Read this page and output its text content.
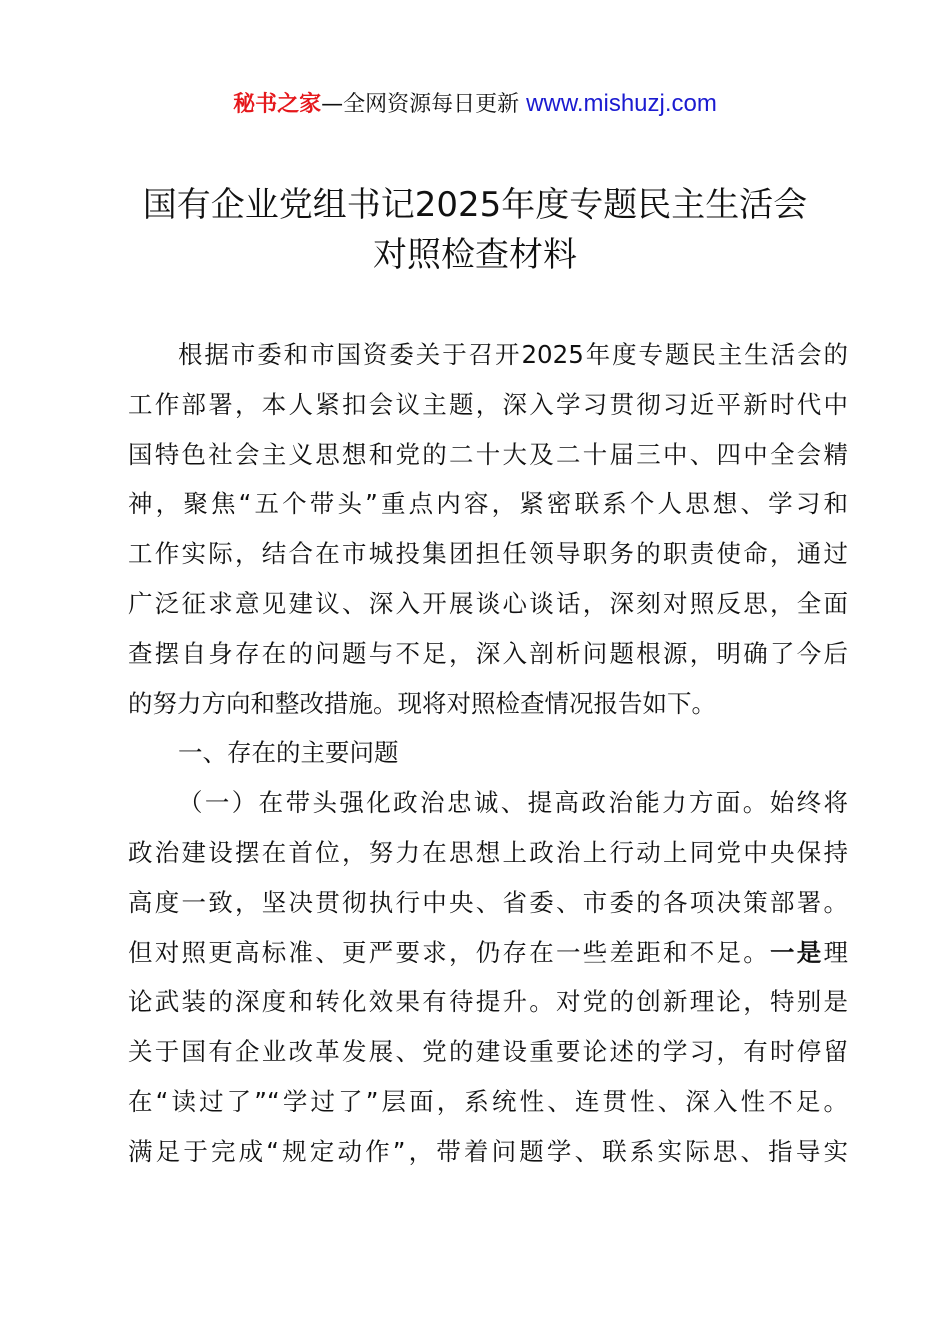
秘书之家—全网资源每日更新 www.mishuzj.com
国有企业党组书记2025年度专题民主生活会
对照检查材料
根据市委和市国资委关于召开2025年度专题民主生活会的
工作部署，本人紧扣会议主题，深入学习贯彻习近平新时代中
国特色社会主义思想和党的二十大及二十届三中、四中全会精
神，聚焦“五个带头”重点内容，紧密联系个人思想、学习和
工作实际，结合在市城投集团担任领导职务的职责使命，通过
广泛征求意见建议、深入开展谈心谈话，深刻对照反思，全面
查摆自身存在的问题与不足，深入剖析问题根源，明确了今后
的努力方向和整改措施。现将对照检查情况报告如下。
一、存在的主要问题
（一）在带头强化政治忠诚、提高政治能力方面。始终将
政治建设摆在首位，努力在思想上政治上行动上同党中央保持
高度一致，坚决贯彻执行中央、省委、市委的各项决策部署。
但对照更高标准、更严要求，仍存在一些差距和不足。一是理
论武装的深度和转化效果有待提升。对党的创新理论，特别是
关于国有企业改革发展、党的建设重要论述的学习，有时停留
在“读过了”“学过了”层面，系统性、连贯性、深入性不足。
满足于完成“规定动作”，带着问题学、联系实际思、指导实
